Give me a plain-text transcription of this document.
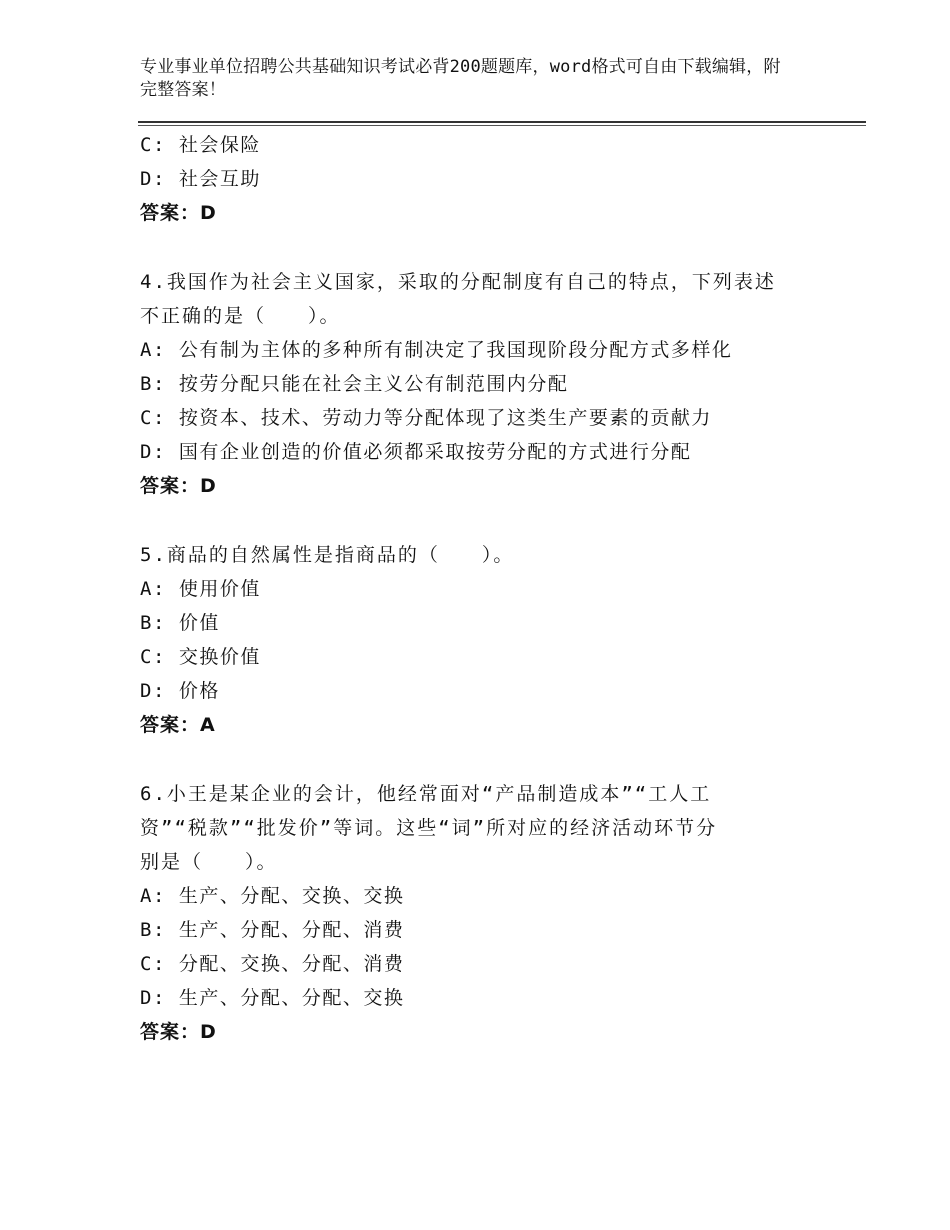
专业事业单位招聘公共基础知识考试必背200题题库，word格式可自由下载编辑，附完整答案！
C: 社会保险
D: 社会互助
答案：D
4.我国作为社会主义国家，采取的分配制度有自己的特点，下列表述
不正确的是（　　）。
A: 公有制为主体的多种所有制决定了我国现阶段分配方式多样化
B: 按劳分配只能在社会主义公有制范围内分配
C: 按资本、技术、劳动力等分配体现了这类生产要素的贡献力
D: 国有企业创造的价值必须都采取按劳分配的方式进行分配
答案：D
5.商品的自然属性是指商品的（　　）。
A: 使用价值
B: 价值
C: 交换价值
D: 价格
答案：A
6.小王是某企业的会计，他经常面对“产品制造成本”“工人工
资”“税款”“批发价”等词。这些“词”所对应的经济活动环节分
别是（　　）。
A: 生产、分配、交换、交换
B: 生产、分配、分配、消费
C: 分配、交换、分配、消费
D: 生产、分配、分配、交换
答案：D
